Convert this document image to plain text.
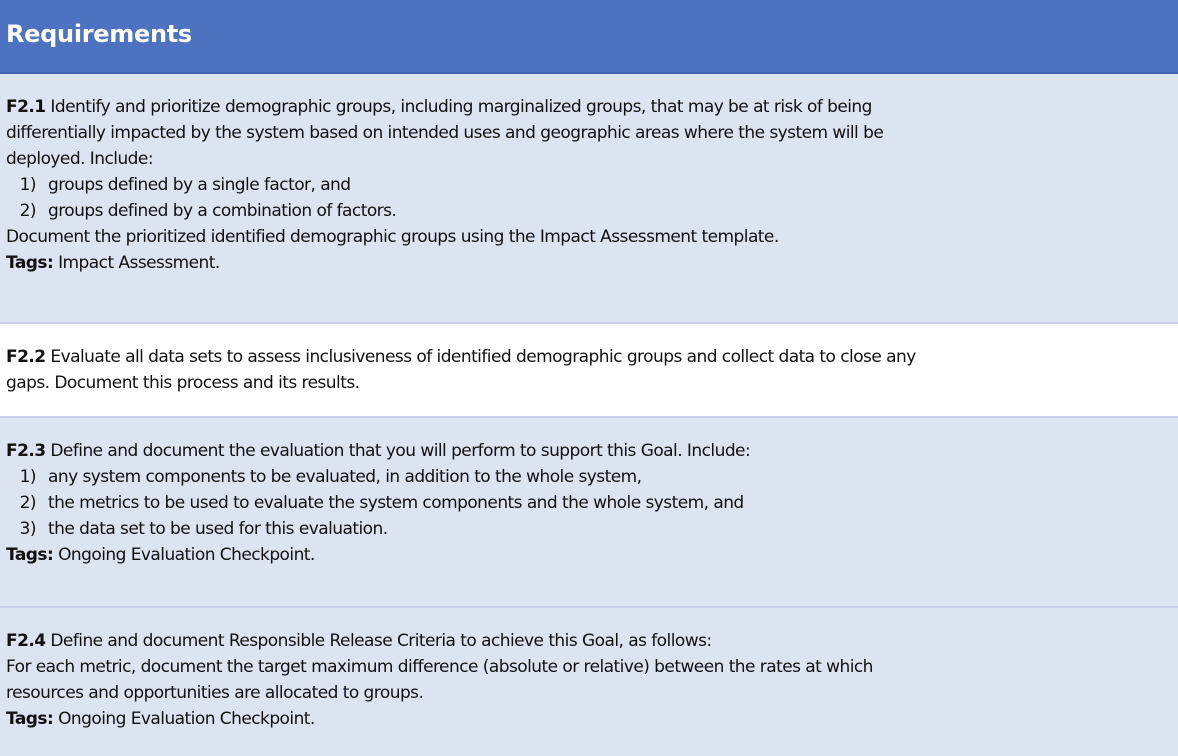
Requirements

F2.1 Identify and prioritize demographic groups, including marginalized groups, that may be at risk of being

differentially impacted by the system based on intended uses and geographic areas where the system will be

deployed. Include:

1) groups defined by a single factor, and
2) groups defined by a combination of factors.

Document the prioritized identified demographic groups using the Impact Assessment template.

Tags: Impact Assessment.

F2.2 Evaluate all data sets to assess inclusiveness of identified demographic groups and collect data to close any

gaps. Document this process and its results.

F2.3 Define and document the evaluation that you will perform to support this Goal. Include:

1) any system components to be evaluated, in addition to the whole system,
2) the metrics to be used to evaluate the system components and the whole system, and
3) the data set to be used for this evaluation.

Tags: Ongoing Evaluation Checkpoint.

F2.4 Define and document Responsible Release Criteria to achieve this Goal, as follows:

For each metric, document the target maximum difference (absolute or relative) between the rates at which

resources and opportunities are allocated to groups.

Tags: Ongoing Evaluation Checkpoint.
